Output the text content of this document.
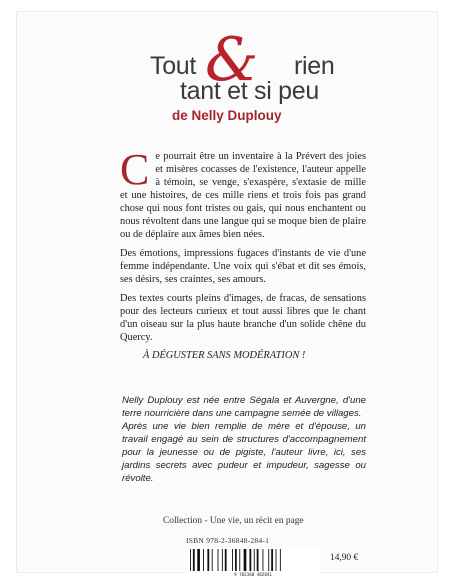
Tout & rien
tant et si peu
de Nelly Duplouy

Ce pourrait être un inventaire à la Prévert des joies et misères cocasses de l'existence, l'auteur appelle à témoin, se venge, s'exaspère, s'extasie de mille et une histoires, de ces mille riens et trois fois pas grand chose qui nous font tristes ou gais, qui nous enchantent ou nous révoltent dans une langue qui se moque bien de plaire ou de déplaire aux âmes bien nées.

Des émotions, impressions fugaces d'instants de vie d'une femme indépendante. Une voix qui s'ébat et dit ses émois, ses désirs, ses craintes, ses amours.

Des textes courts pleins d'images, de fracas, de sensations pour des lecteurs curieux et tout aussi libres que le chant d'un oiseau sur la plus haute branche d'un solide chêne du Quercy.

À DÉGUSTER SANS MODÉRATION !

Nelly Duplouy est née entre Ségala et Auvergne, d'une terre nourricière dans une campagne semée de villages.

Après une vie bien remplie de mère et d'épouse, un travail engagé au sein de structures d'accompagnement pour la jeunesse ou de pigiste, l'auteur livre, ici, ses jardins secrets avec pudeur et impudeur, sagesse ou révolte.

Collection - Une vie, un récit en page
ISBN 978-2-36848-284-1
9 782368 482841
14,90 €
